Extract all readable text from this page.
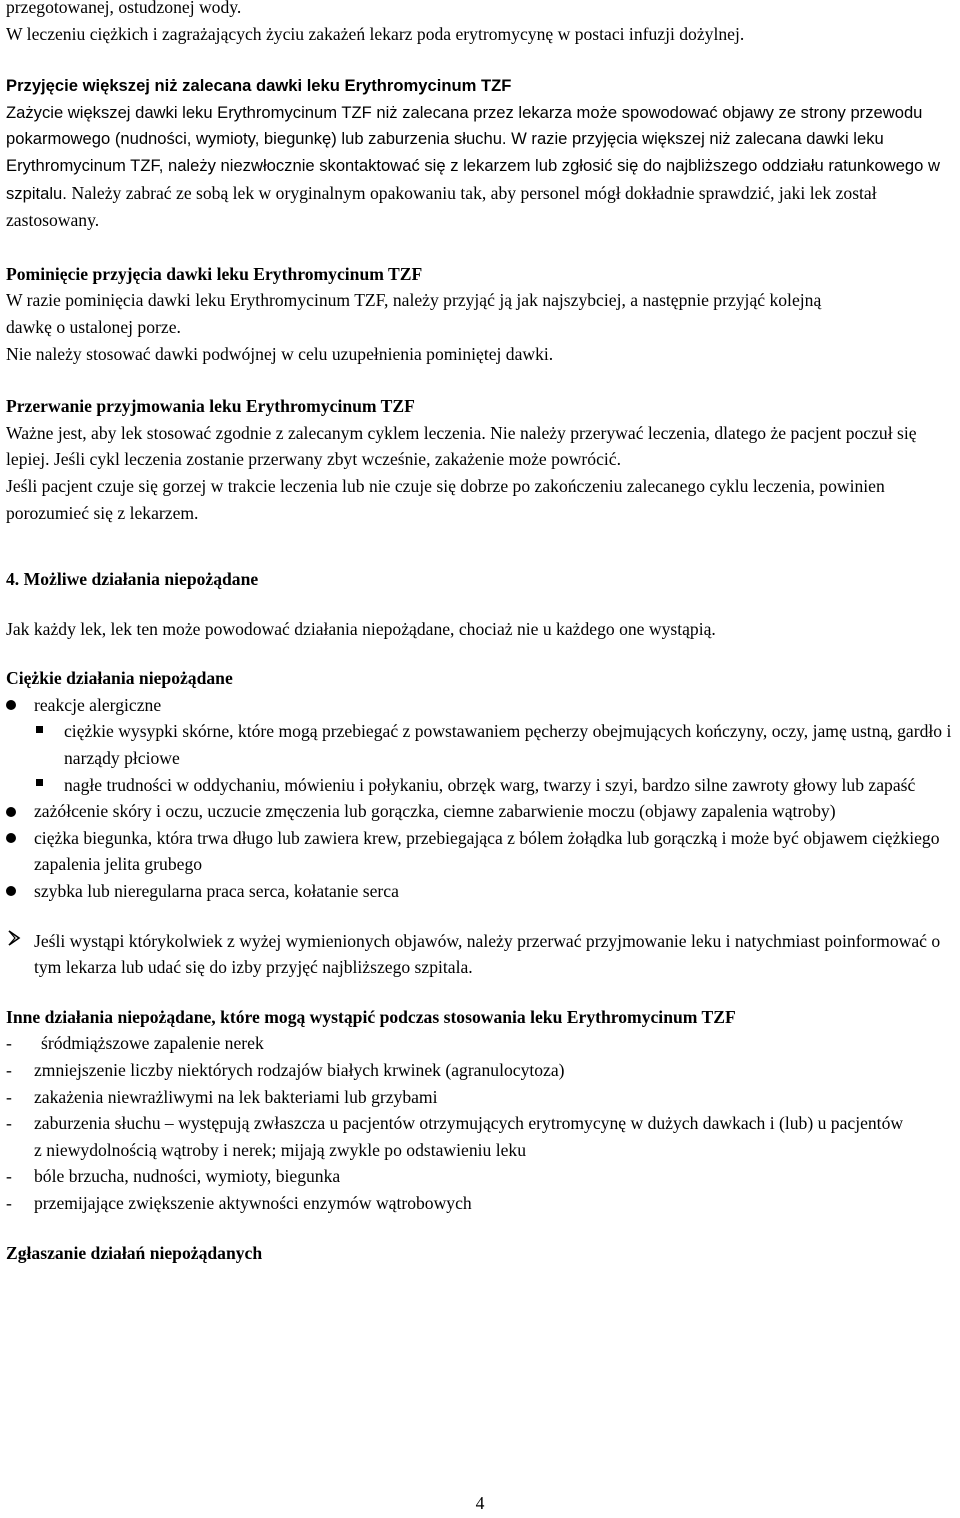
przegotowanej, ostudzonej wody.

W leczeniu ciężkich i zagrażających życiu zakażeń lekarz poda erytromycynę w postaci infuzji dożylnej.

Przyjęcie większej niż zalecana dawki leku Erythromycinum TZF

Zażycie większej dawki leku Erythromycinum TZF niż zalecana przez lekarza może spowodować objawy ze strony przewodu pokarmowego (nudności, wymioty, biegunkę) lub zaburzenia słuchu. W razie przyjęcia większej niż zalecana dawki leku Erythromycinum TZF, należy niezwłocznie skontaktować się z lekarzem lub zgłosić się do najbliższego oddziału ratunkowego w szpitalu. Należy zabrać ze sobą lek w oryginalnym opakowaniu tak, aby personel mógł dokładnie sprawdzić, jaki lek został zastosowany.

Pominięcie przyjęcia dawki leku Erythromycinum TZF

W razie pominięcia dawki leku Erythromycinum TZF, należy przyjąć ją jak najszybciej, a następnie przyjąć kolejną dawkę o ustalonej porze.

Nie należy stosować dawki podwójnej w celu uzupełnienia pominiętej dawki.

Przerwanie przyjmowania leku Erythromycinum TZF

Ważne jest, aby lek stosować zgodnie z zalecanym cyklem leczenia. Nie należy przerywać leczenia, dlatego że pacjent poczuł się lepiej. Jeśli cykl leczenia zostanie przerwany zbyt wcześnie, zakażenie może powrócić.

Jeśli pacjent czuje się gorzej w trakcie leczenia lub nie czuje się dobrze po zakończeniu zalecanego cyklu leczenia, powinien porozumieć się z lekarzem.

4. Możliwe działania niepożądane

Jak każdy lek, lek ten może powodować działania niepożądane, chociaż nie u każdego one wystąpią.

Ciężkie działania niepożądane
reakcje alergiczne
ciężkie wysypki skórne, które mogą przebiegać z powstawaniem pęcherzy obejmujących kończyny, oczy, jamę ustną, gardło i narządy płciowe
nagłe trudności w oddychaniu, mówieniu i połykaniu, obrzęk warg, twarzy i szyi, bardzo silne zawroty głowy lub zapaść
zażółcenie skóry i oczu, uczucie zmęczenia lub gorączka, ciemne zabarwienie moczu (objawy zapalenia wątroby)
ciężka biegunka, która trwa długo lub zawiera krew, przebiegająca z bólem żołądka lub gorączką i może być objawem ciężkiego zapalenia jelita grubego
szybka lub nieregularna praca serca, kołatanie serca
Jeśli wystąpi którykolwiek z wyżej wymienionych objawów, należy przerwać przyjmowanie leku i natychmiast poinformować o tym lekarza lub udać się do izby przyjęć najbliższego szpitala.
Inne działania niepożądane, które mogą wystąpić podczas stosowania leku Erythromycinum TZF
- śródmiąższowe zapalenie nerek
- zmniejszenie liczby niektórych rodzajów białych krwinek (agranulocytoza)
- zakażenia niewrażliwymi na lek bakteriami lub grzybami
- zaburzenia słuchu – występują zwłaszcza u pacjentów otrzymujących erytromycynę w dużych dawkach i (lub) u pacjentów z niewydolnością wątroby i nerek; mijają zwykle po odstawieniu leku
- bóle brzucha, nudności, wymioty, biegunka
- przemijające zwiększenie aktywności enzymów wątrobowych
Zgłaszanie działań niepożądanych
4
